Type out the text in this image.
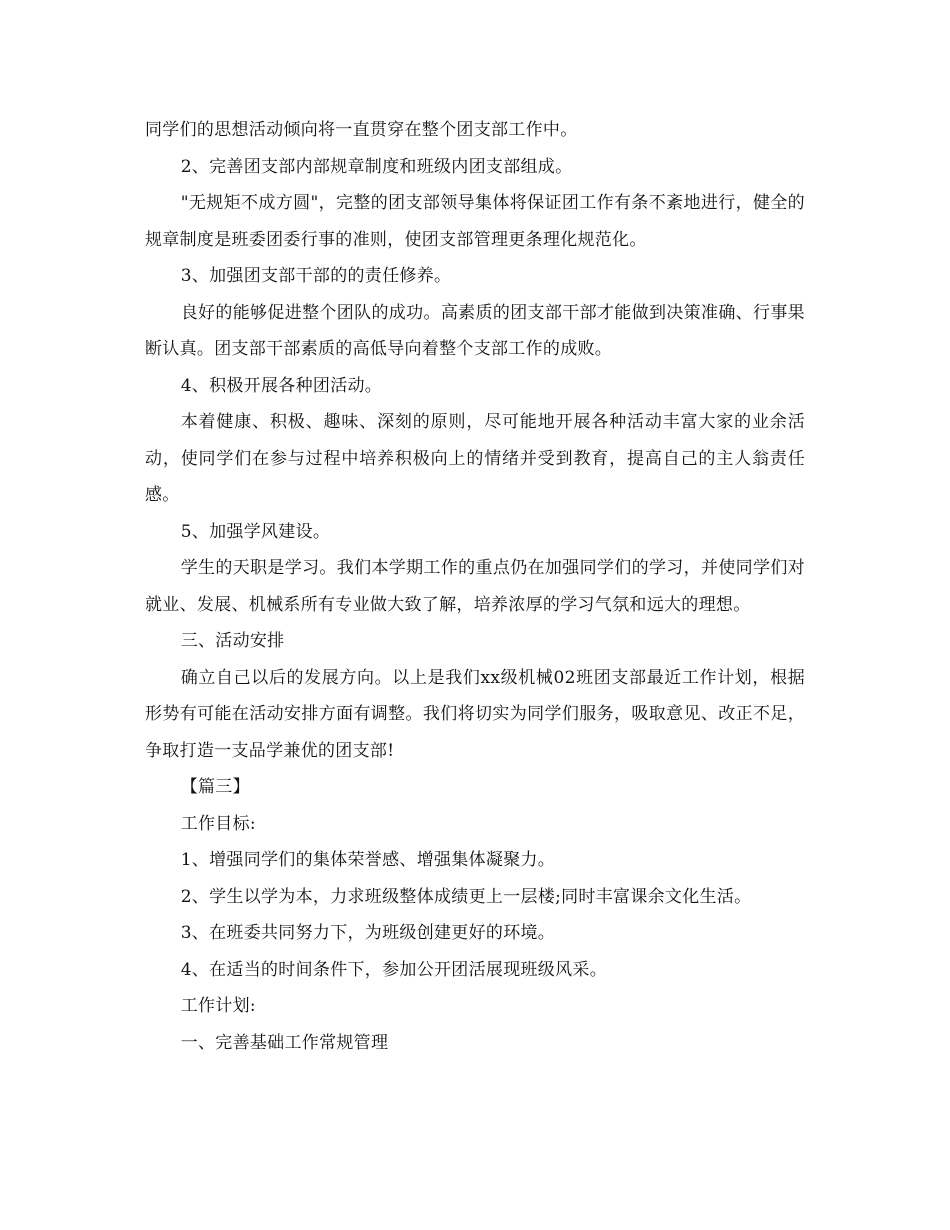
同学们的思想活动倾向将一直贯穿在整个团支部工作中。

2、完善团支部内部规章制度和班级内团支部组成。

"无规矩不成方圆"，完整的团支部领导集体将保证团工作有条不紊地进行，健全的规章制度是班委团委行事的准则，使团支部管理更条理化规范化。

3、加强团支部干部的的责任修养。

良好的能够促进整个团队的成功。高素质的团支部干部才能做到决策准确、行事果断认真。团支部干部素质的高低导向着整个支部工作的成败。

4、积极开展各种团活动。

本着健康、积极、趣味、深刻的原则，尽可能地开展各种活动丰富大家的业余活动，使同学们在参与过程中培养积极向上的情绪并受到教育，提高自己的主人翁责任感。

5、加强学风建设。

学生的天职是学习。我们本学期工作的重点仍在加强同学们的学习，并使同学们对就业、发展、机械系所有专业做大致了解，培养浓厚的学习气氛和远大的理想。

三、活动安排

确立自己以后的发展方向。以上是我们xx级机械02班团支部最近工作计划，根据形势有可能在活动安排方面有调整。我们将切实为同学们服务，吸取意见、改正不足，争取打造一支品学兼优的团支部!

【篇三】

工作目标:

1、增强同学们的集体荣誉感、增强集体凝聚力。

2、学生以学为本，力求班级整体成绩更上一层楼;同时丰富课余文化生活。

3、在班委共同努力下，为班级创建更好的环境。

4、在适当的时间条件下，参加公开团活展现班级风采。

工作计划:

一、完善基础工作常规管理
